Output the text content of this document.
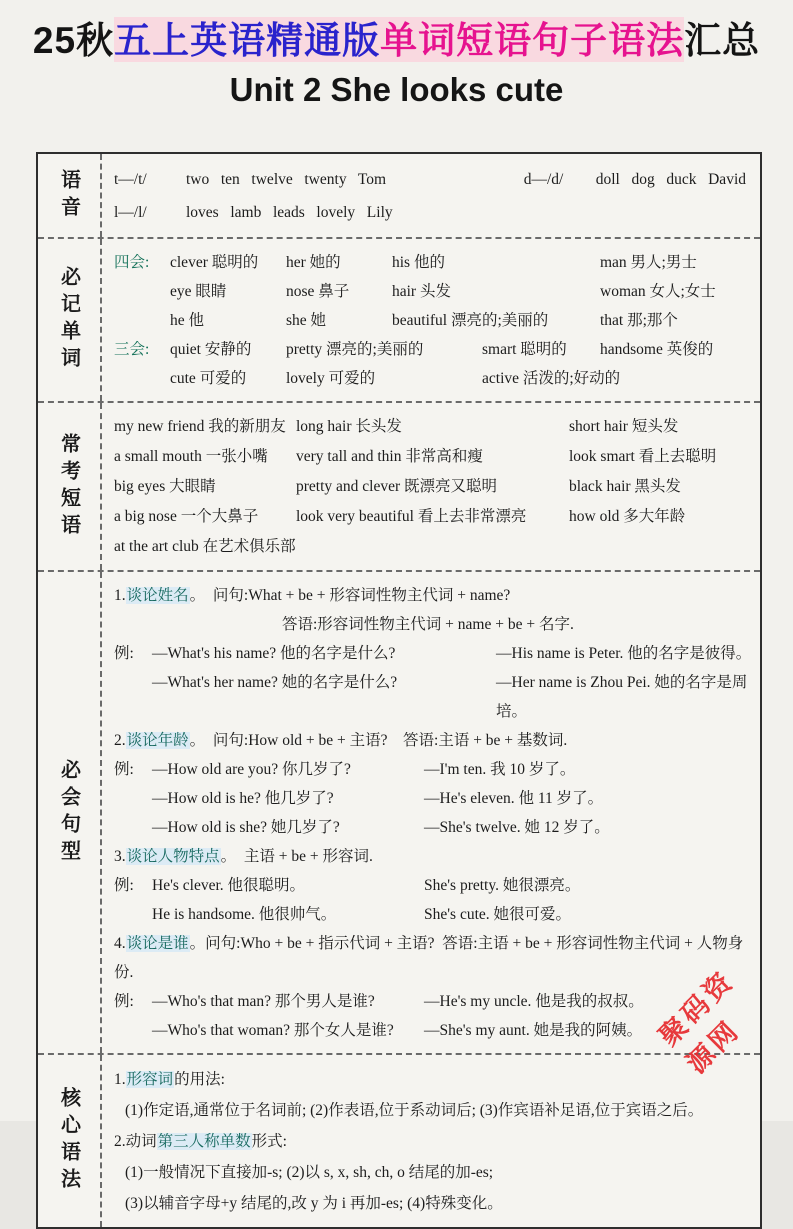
25秋五上英语精通版单词短语句子语法汇总
Unit 2 She looks cute
语音 t—/t/	two   ten   twelve   twenty   Tom	d—/d/	doll   dog   duck   David
l—/l/	loves   lamb   leads   lovely   Lily
必记单词
四会:	clever 聪明的	her 她的	his 他的	man 男人;男士
eye 眼睛	nose 鼻子	hair 头发	woman 女人;女士
he 他	she 她	beautiful 漂亮的;美丽的	that 那;那个
三会:	quiet 安静的	pretty 漂亮的;美丽的	smart 聪明的	handsome 英俊的
cute 可爱的	lovely 可爱的	active 活泼的;好动的
常考短语
my new friend 我的新朋友 long hair 长头发	short hair 短头发
a small mouth 一张小嘴	very tall and thin 非常高和瘦	look smart 看上去聪明
big eyes 大眼睛	pretty and clever 既漂亮又聪明	black hair 黑头发
a big nose 一个大鼻子	look very beautiful 看上去非常漂亮	how old 多大年龄
at the art club 在艺术俱乐部
必会句型
1.谈论姓名。  问句:What + be + 形容词性物主代词 + name?
答语:形容词性物主代词 + name + be + 名字.
例:	—What's his name? 他的名字是什么?	—His name is Peter. 他的名字是彼得。
—What's her name? 她的名字是什么?	—Her name is Zhou Pei. 她的名字是周培。
2.谈论年龄。  问句:How old + be + 主语?    答语:主语 + be + 基数词.
例:	—How old are you? 你几岁了?	—I'm ten. 我 10 岁了。
—How old is he? 他几岁了?	—He's eleven. 他 11 岁了。
—How old is she? 她几岁了?	—She's twelve. 她 12 岁了。
3.谈论人物特点。  主语 + be + 形容词.
例:	He's clever. 他很聪明。	She's pretty. 她很漂亮。
He is handsome. 他很帅气。	She's cute. 她很可爱。
4.谈论是谁。问句:Who + be + 指示代词 + 主语?  答语:主语 + be + 形容词性物主代词 + 人物身份.
例:	—Who's that man? 那个男人是谁?	—He's my uncle. 他是我的叔叔。
—Who's that woman? 那个女人是谁?	—She's my aunt. 她是我的阿姨。
核心语法
1.形容词的用法:
(1)作定语,通常位于名词前; (2)作表语,位于系动词后; (3)作宾语补足语,位于宾语之后。
2.动词第三人称单数形式:
(1)一般情况下直接加-s; (2)以 s, x, sh, ch, o 结尾的加-es;
(3)以辅音字母+y 结尾的,改 y 为 i 再加-es; (4)特殊变化。
聚码资源网
